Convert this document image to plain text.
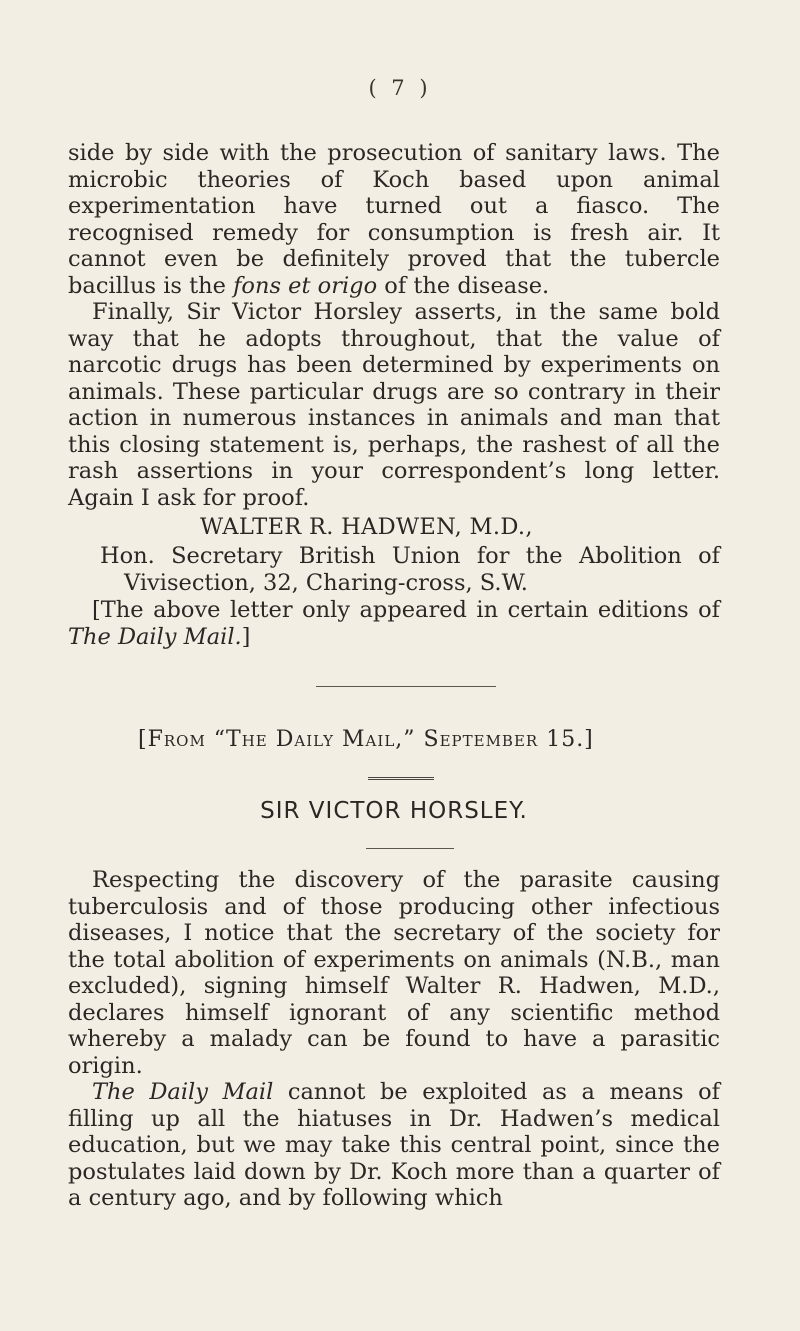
( 7 )

side by side with the prosecution of sanitary laws. The microbic theories of Koch based upon animal experimentation have turned out a fiasco. The recognised remedy for consumption is fresh air. It cannot even be definitely proved that the tubercle bacillus is the fons et origo of the disease.

Finally, Sir Victor Horsley asserts, in the same bold way that he adopts throughout, that the value of narcotic drugs has been determined by experiments on animals. These particular drugs are so contrary in their action in numerous instances in animals and man that this closing statement is, perhaps, the rashest of all the rash assertions in your correspondent’s long letter. Again I ask for proof.

WALTER R. HADWEN, M.D.,

Hon. Secretary British Union for the Abolition of Vivisection, 32, Charing-cross, S.W.

[The above letter only appeared in certain editions of The Daily Mail.]

[From “The Daily Mail,” September 15.]

SIR VICTOR HORSLEY.

Respecting the discovery of the parasite causing tuberculosis and of those producing other infectious diseases, I notice that the secretary of the society for the total abolition of experiments on animals (N.B., man excluded), signing himself Walter R. Hadwen, M.D., declares himself ignorant of any scientific method whereby a malady can be found to have a parasitic origin.

The Daily Mail cannot be exploited as a means of filling up all the hiatuses in Dr. Hadwen’s medical education, but we may take this central point, since the postulates laid down by Dr. Koch more than a quarter of a century ago, and by following which
